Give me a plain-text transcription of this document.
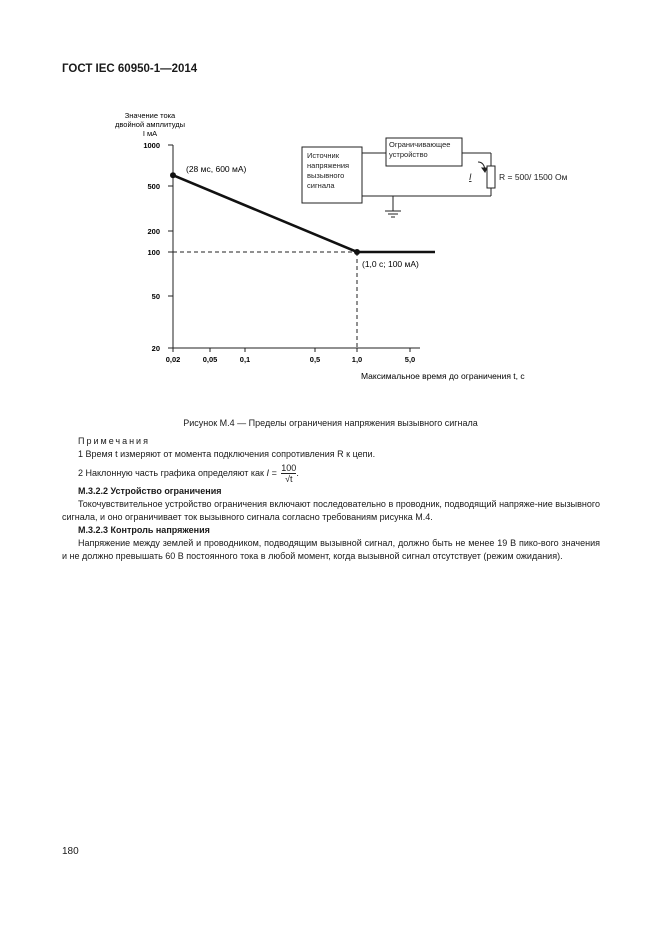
ГОСТ IEC 60950-1—2014
Значение тока
двойной амплитуды
I мА
1000
500
200
100
50
20
0,02	0,05	0,1	0,5	1,0	5,0
(28 мс, 600 мА)
(1,0 с; 100 мА)
Максимальное время до ограничения t, с
Источник
напряжения
вызывного
сигнала
Ограничивающее
устройство
I	R = 500/ 1500 Ом
Рисунок М.4 — Пределы ограничения напряжения вызывного сигнала
Примечания
1 Время t измеряют от момента подключения сопротивления R к цепи.
2 Наклонную часть графика определяют как $I = \frac{100}{√t}$ .
М.3.2.2 Устройство ограничения
Токочувствительное устройство ограничения включают последовательно в проводник, подводящий напряже-ние вызывного сигнала, и оно ограничивает ток вызывного сигнала согласно требованиям рисунка М.4.
М.3.2.3 Контроль напряжения
Напряжение между землей и проводником, подводящим вызывной сигнал, должно быть не менее 19 В пико-вого значения и не должно превышать 60 В постоянного тока в любой момент, когда вызывной сигнал отсутствует (режим ожидания).
180
